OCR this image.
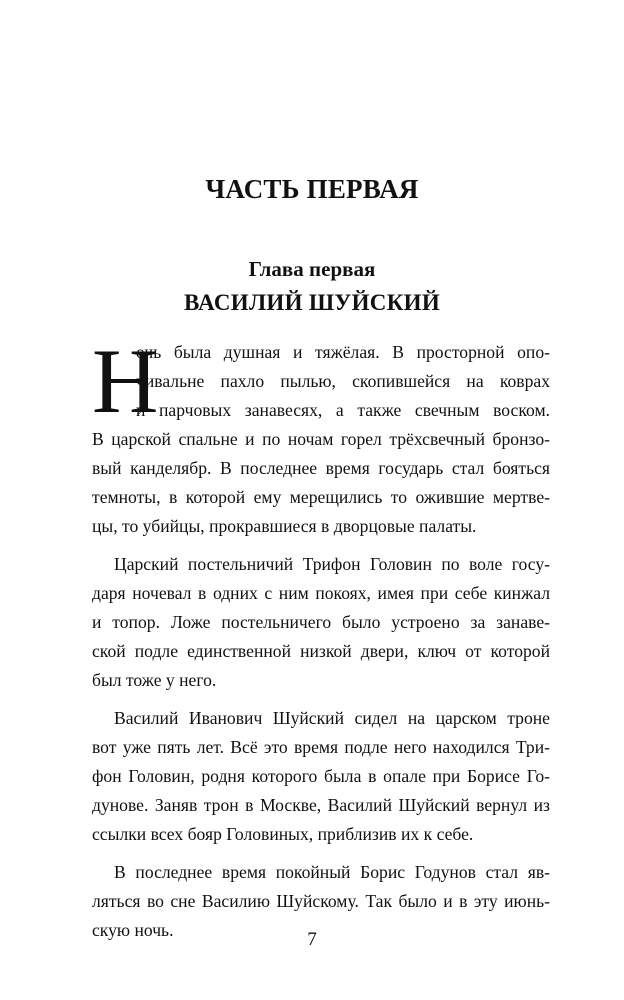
ЧАСТЬ ПЕРВАЯ
Глава первая
ВАСИЛИЙ ШУЙСКИЙ
Н
очь была душная и тяжёлая. В просторной опо-
чивальне пахло пылью, скопившейся на коврах
и парчовых занавесях, а также свечным воском.
В царской спальне и по ночам горел трёхсвечный бронзо-
вый канделябр. В последнее время государь стал бояться
темноты, в которой ему мерещились то ожившие мертве-
цы, то убийцы, прокравшиеся в дворцовые палаты.
Царский постельничий Трифон Головин по воле госу-
даря ночевал в одних с ним покоях, имея при себе кинжал
и топор. Ложе постельничего было устроено за занаве-
ской подле единственной низкой двери, ключ от которой
был тоже у него.
Василий Иванович Шуйский сидел на царском троне
вот уже пять лет. Всё это время подле него находился Три-
фон Головин, родня которого была в опале при Борисе Го-
дунове. Заняв трон в Москве, Василий Шуйский вернул из
ссылки всех бояр Головиных, приблизив их к себе.
В последнее время покойный Борис Годунов стал яв-
ляться во сне Василию Шуйскому. Так было и в эту июнь-
скую ночь.	7
